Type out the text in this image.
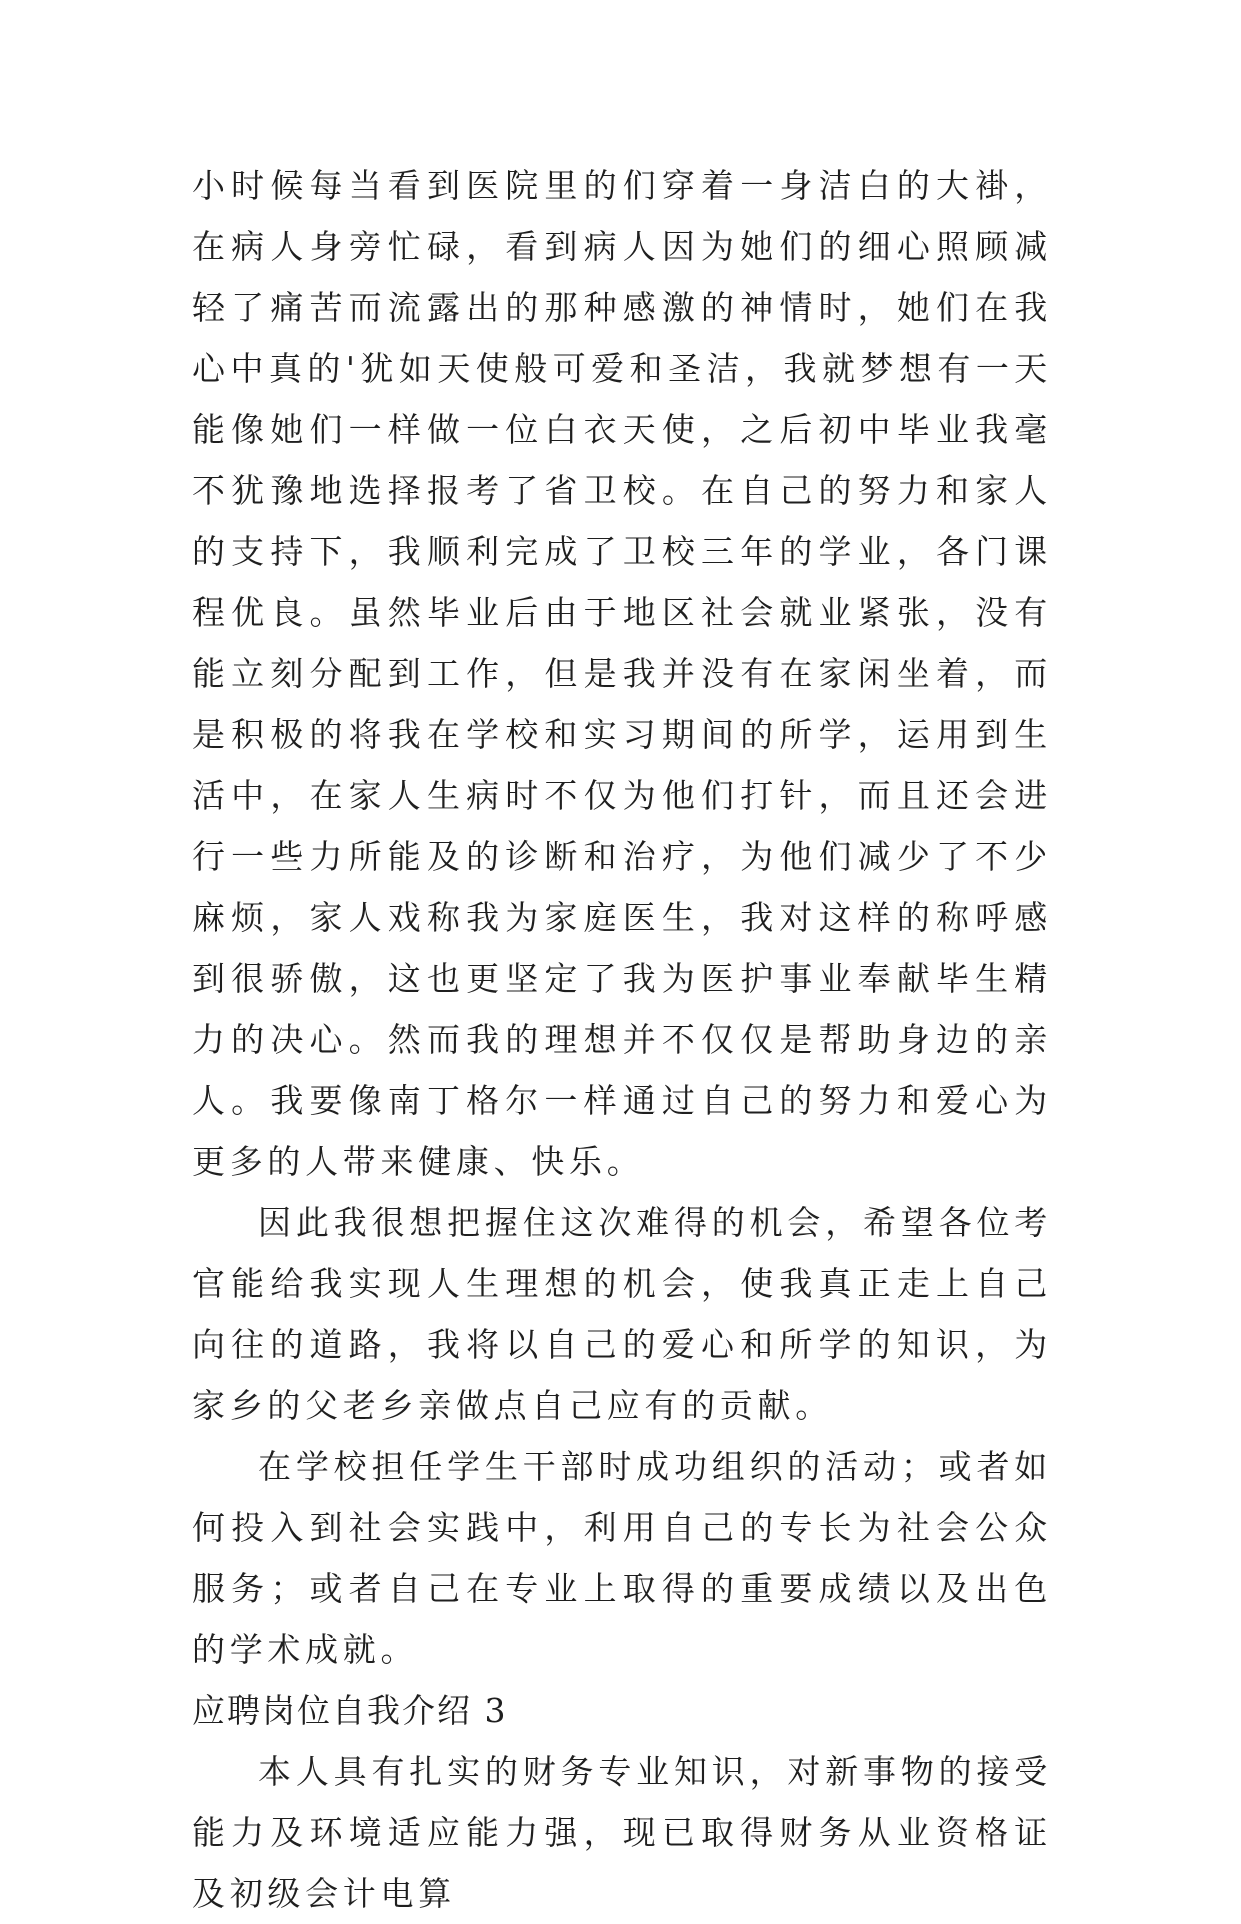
小时候每当看到医院里的们穿着一身洁白的大褂，在病人身旁忙碌，看到病人因为她们的细心照顾减轻了痛苦而流露出的那种感激的神情时，她们在我心中真的'犹如天使般可爱和圣洁，我就梦想有一天能像她们一样做一位白衣天使，之后初中毕业我毫不犹豫地选择报考了省卫校。在自己的努力和家人的支持下，我顺利完成了卫校三年的学业，各门课程优良。虽然毕业后由于地区社会就业紧张，没有能立刻分配到工作，但是我并没有在家闲坐着，而是积极的将我在学校和实习期间的所学，运用到生活中，在家人生病时不仅为他们打针，而且还会进行一些力所能及的诊断和治疗，为他们减少了不少麻烦，家人戏称我为家庭医生，我对这样的称呼感到很骄傲，这也更坚定了我为医护事业奉献毕生精力的决心。然而我的理想并不仅仅是帮助身边的亲人。我要像南丁格尔一样通过自己的努力和爱心为更多的人带来健康、快乐。

因此我很想把握住这次难得的机会，希望各位考官能给我实现人生理想的机会，使我真正走上自己向往的道路，我将以自己的爱心和所学的知识，为家乡的父老乡亲做点自己应有的贡献。

在学校担任学生干部时成功组织的活动；或者如何投入到社会实践中，利用自己的专长为社会公众服务；或者自己在专业上取得的重要成绩以及出色的学术成就。

应聘岗位自我介绍 3

本人具有扎实的财务专业知识，对新事物的接受能力及环境适应能力强，现已取得财务从业资格证及初级会计电算
